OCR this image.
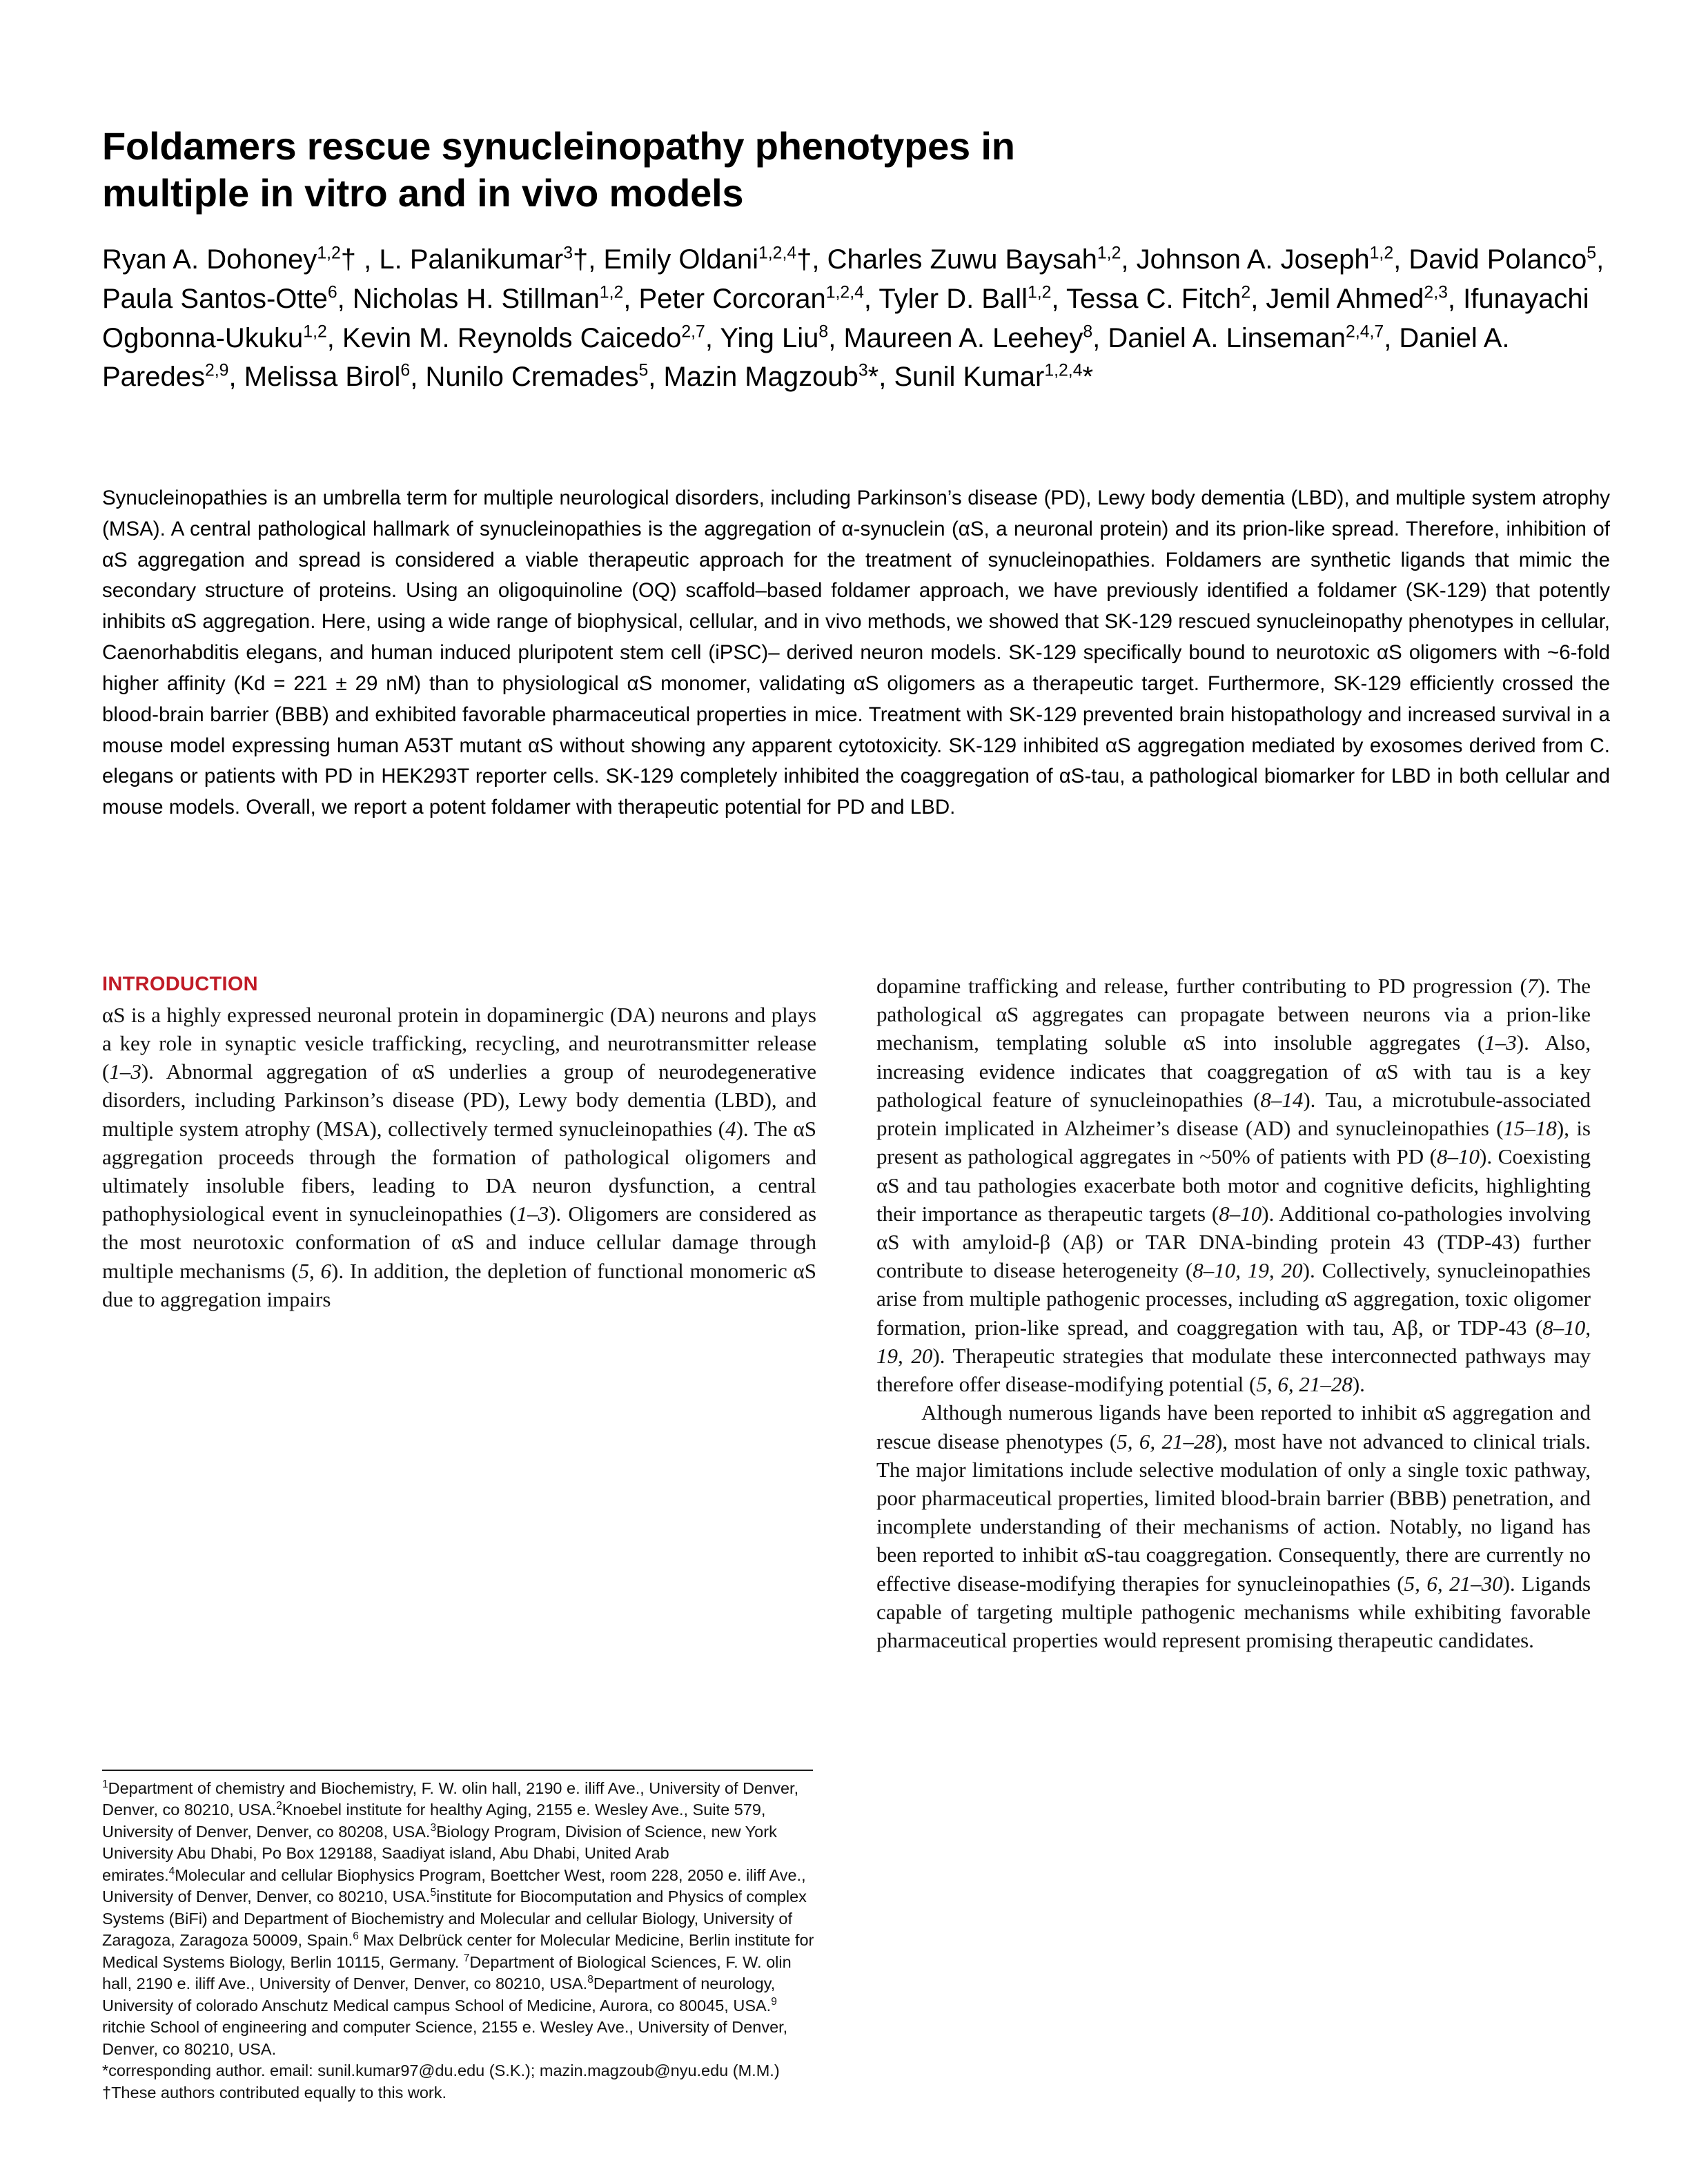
Foldamers rescue synucleinopathy phenotypes in
multiple in vitro and in vivo models
Ryan A. Dohoney$^{1,2}$† , L. Palanikumar$^3$†, Emily Oldani$^{1,2,4}$†, Charles Zuwu Baysah$^{1,2}$, Johnson A. Joseph$^{1,2}$, David Polanco$^5$, Paula Santos-Otte$^6$, Nicholas H. Stillman$^{1,2}$, Peter Corcoran$^{1,2,4}$, Tyler D. Ball$^{1,2}$, Tessa C. Fitch$^2$, Jemil Ahmed$^{2,3}$, Ifunayachi Ogbonna-Ukuku$^{1,2}$, Kevin M. Reynolds Caicedo$^{2,7}$, Ying Liu$^8$, Maureen A. Leehey$^8$, Daniel A. Linseman$^{2,4,7}$, Daniel A. Paredes$^{2,9}$, Melissa Birol$^6$, Nunilo Cremades$^5$, Mazin Magzoub$^3$*, Sunil Kumar$^{1,2,4}$*
Synucleinopathies is an umbrella term for multiple neurological disorders, including Parkinson’s disease (PD), Lewy body dementia (LBD), and multiple system atrophy (MSA). A central pathological hallmark of synucleinopathies is the aggregation of α-synuclein (αS, a neuronal protein) and its prion-like spread. Therefore, inhibition of αS aggregation and spread is considered a viable therapeutic approach for the treatment of synucleinopathies. Foldamers are synthetic ligands that mimic the secondary structure of proteins. Using an oligoquinoline (OQ) scaffold–based foldamer approach, we have previously identified a foldamer (SK-129) that potently inhibits αS aggregation. Here, using a wide range of biophysical, cellular, and in vivo methods, we showed that SK-129 rescued synucleinopathy phenotypes in cellular, Caenorhabditis elegans, and human induced pluripotent stem cell (iPSC)– derived neuron models. SK-129 specifically bound to neurotoxic αS oligomers with ~6-fold higher affinity (Kd = 221 ± 29 nM) than to physiological αS monomer, validating αS oligomers as a therapeutic target. Furthermore, SK-129 efficiently crossed the blood-brain barrier (BBB) and exhibited favorable pharmaceutical properties in mice. Treatment with SK-129 prevented brain histopathology and increased survival in a mouse model expressing human A53T mutant αS without showing any apparent cytotoxicity. SK-129 inhibited αS aggregation mediated by exosomes derived from C. elegans or patients with PD in HEK293T reporter cells. SK-129 completely inhibited the coaggregation of αS-tau, a pathological biomarker for LBD in both cellular and mouse models. Overall, we report a potent foldamer with therapeutic potential for PD and LBD.
INTRODUCTION

αS is a highly expressed neuronal protein in dopaminergic (DA) neurons and plays a key role in synaptic vesicle trafficking, recycling, and neurotransmitter release (1–3). Abnormal aggregation of αS underlies a group of neurodegenerative disorders, including Parkinson’s disease (PD), Lewy body dementia (LBD), and multiple system atrophy (MSA), collectively termed synucleinopathies (4). The αS aggregation proceeds through the formation of pathological oligomers and ultimately insoluble fibers, leading to DA neuron dysfunction, a central pathophysiological event in synucleinopathies (1–3). Oligomers are considered as the most neurotoxic conformation of αS and induce cellular damage through multiple mechanisms (5, 6). In addition, the depletion of functional monomeric αS due to aggregation impairs

$^1$Department of chemistry and Biochemistry, F. W. olin hall, 2190 e. iliff Ave., University of Denver, Denver, co 80210, USA.$^2$Knoebel institute for healthy Aging, 2155 e. Wesley Ave., Suite 579, University of Denver, Denver, co 80208, USA.$^3$Biology Program, Division of Science, new York University Abu Dhabi, Po Box 129188, Saadiyat island, Abu Dhabi, United Arab emirates.$^4$Molecular and cellular Biophysics Program, Boettcher West, room 228, 2050 e. iliff Ave., University of Denver, Denver, co 80210, USA.$^5$institute for Biocomputation and Physics of complex Systems (BiFi) and Department of Biochemistry and Molecular and cellular Biology, University of Zaragoza, Zaragoza 50009, Spain.$^6$ Max Delbrück center for Molecular Medicine, Berlin institute for Medical Systems Biology, Berlin 10115, Germany. $^7$Department of Biological Sciences, F. W. olin hall, 2190 e. iliff Ave., University of Denver, Denver, co 80210, USA.$^8$Department of neurology, University of colorado Anschutz Medical campus School of Medicine, Aurora, co 80045, USA.$^9$ ritchie School of engineering and computer Science, 2155 e. Wesley Ave., University of Denver, Denver, co 80210, USA.
*corresponding author. email: sunil.kumar97@du.edu (S.K.); mazin.magzoub@nyu.edu (M.M.)
†These authors contributed equally to this work.

dopamine trafficking and release, further contributing to PD progression (7). The pathological αS aggregates can propagate between neurons via a prion-like mechanism, templating soluble αS into insoluble aggregates (1–3). Also, increasing evidence indicates that coaggregation of αS with tau is a key pathological feature of synucleinopathies (8–14). Tau, a microtubule-associated protein implicated in Alzheimer’s disease (AD) and synucleinopathies (15–18), is present as pathological aggregates in ~50% of patients with PD (8–10). Coexisting αS and tau pathologies exacerbate both motor and cognitive deficits, highlighting their importance as therapeutic targets (8–10). Additional co-pathologies involving αS with amyloid-β (Aβ) or TAR DNA-binding protein 43 (TDP-43) further contribute to disease heterogeneity (8–10, 19, 20). Collectively, synucleinopathies arise from multiple pathogenic processes, including αS aggregation, toxic oligomer formation, prion-like spread, and coaggregation with tau, Aβ, or TDP-43 (8–10, 19, 20). Therapeutic strategies that modulate these interconnected pathways may therefore offer disease-modifying potential (5, 6, 21–28).

Although numerous ligands have been reported to inhibit αS aggregation and rescue disease phenotypes (5, 6, 21–28), most have not advanced to clinical trials. The major limitations include selective modulation of only a single toxic pathway, poor pharmaceutical properties, limited blood-brain barrier (BBB) penetration, and incomplete understanding of their mechanisms of action. Notably, no ligand has been reported to inhibit αS-tau coaggregation. Consequently, there are currently no effective disease-modifying therapies for synucleinopathies (5, 6, 21–30). Ligands capable of targeting multiple pathogenic mechanisms while exhibiting favorable pharmaceutical properties would represent promising therapeutic candidates.
